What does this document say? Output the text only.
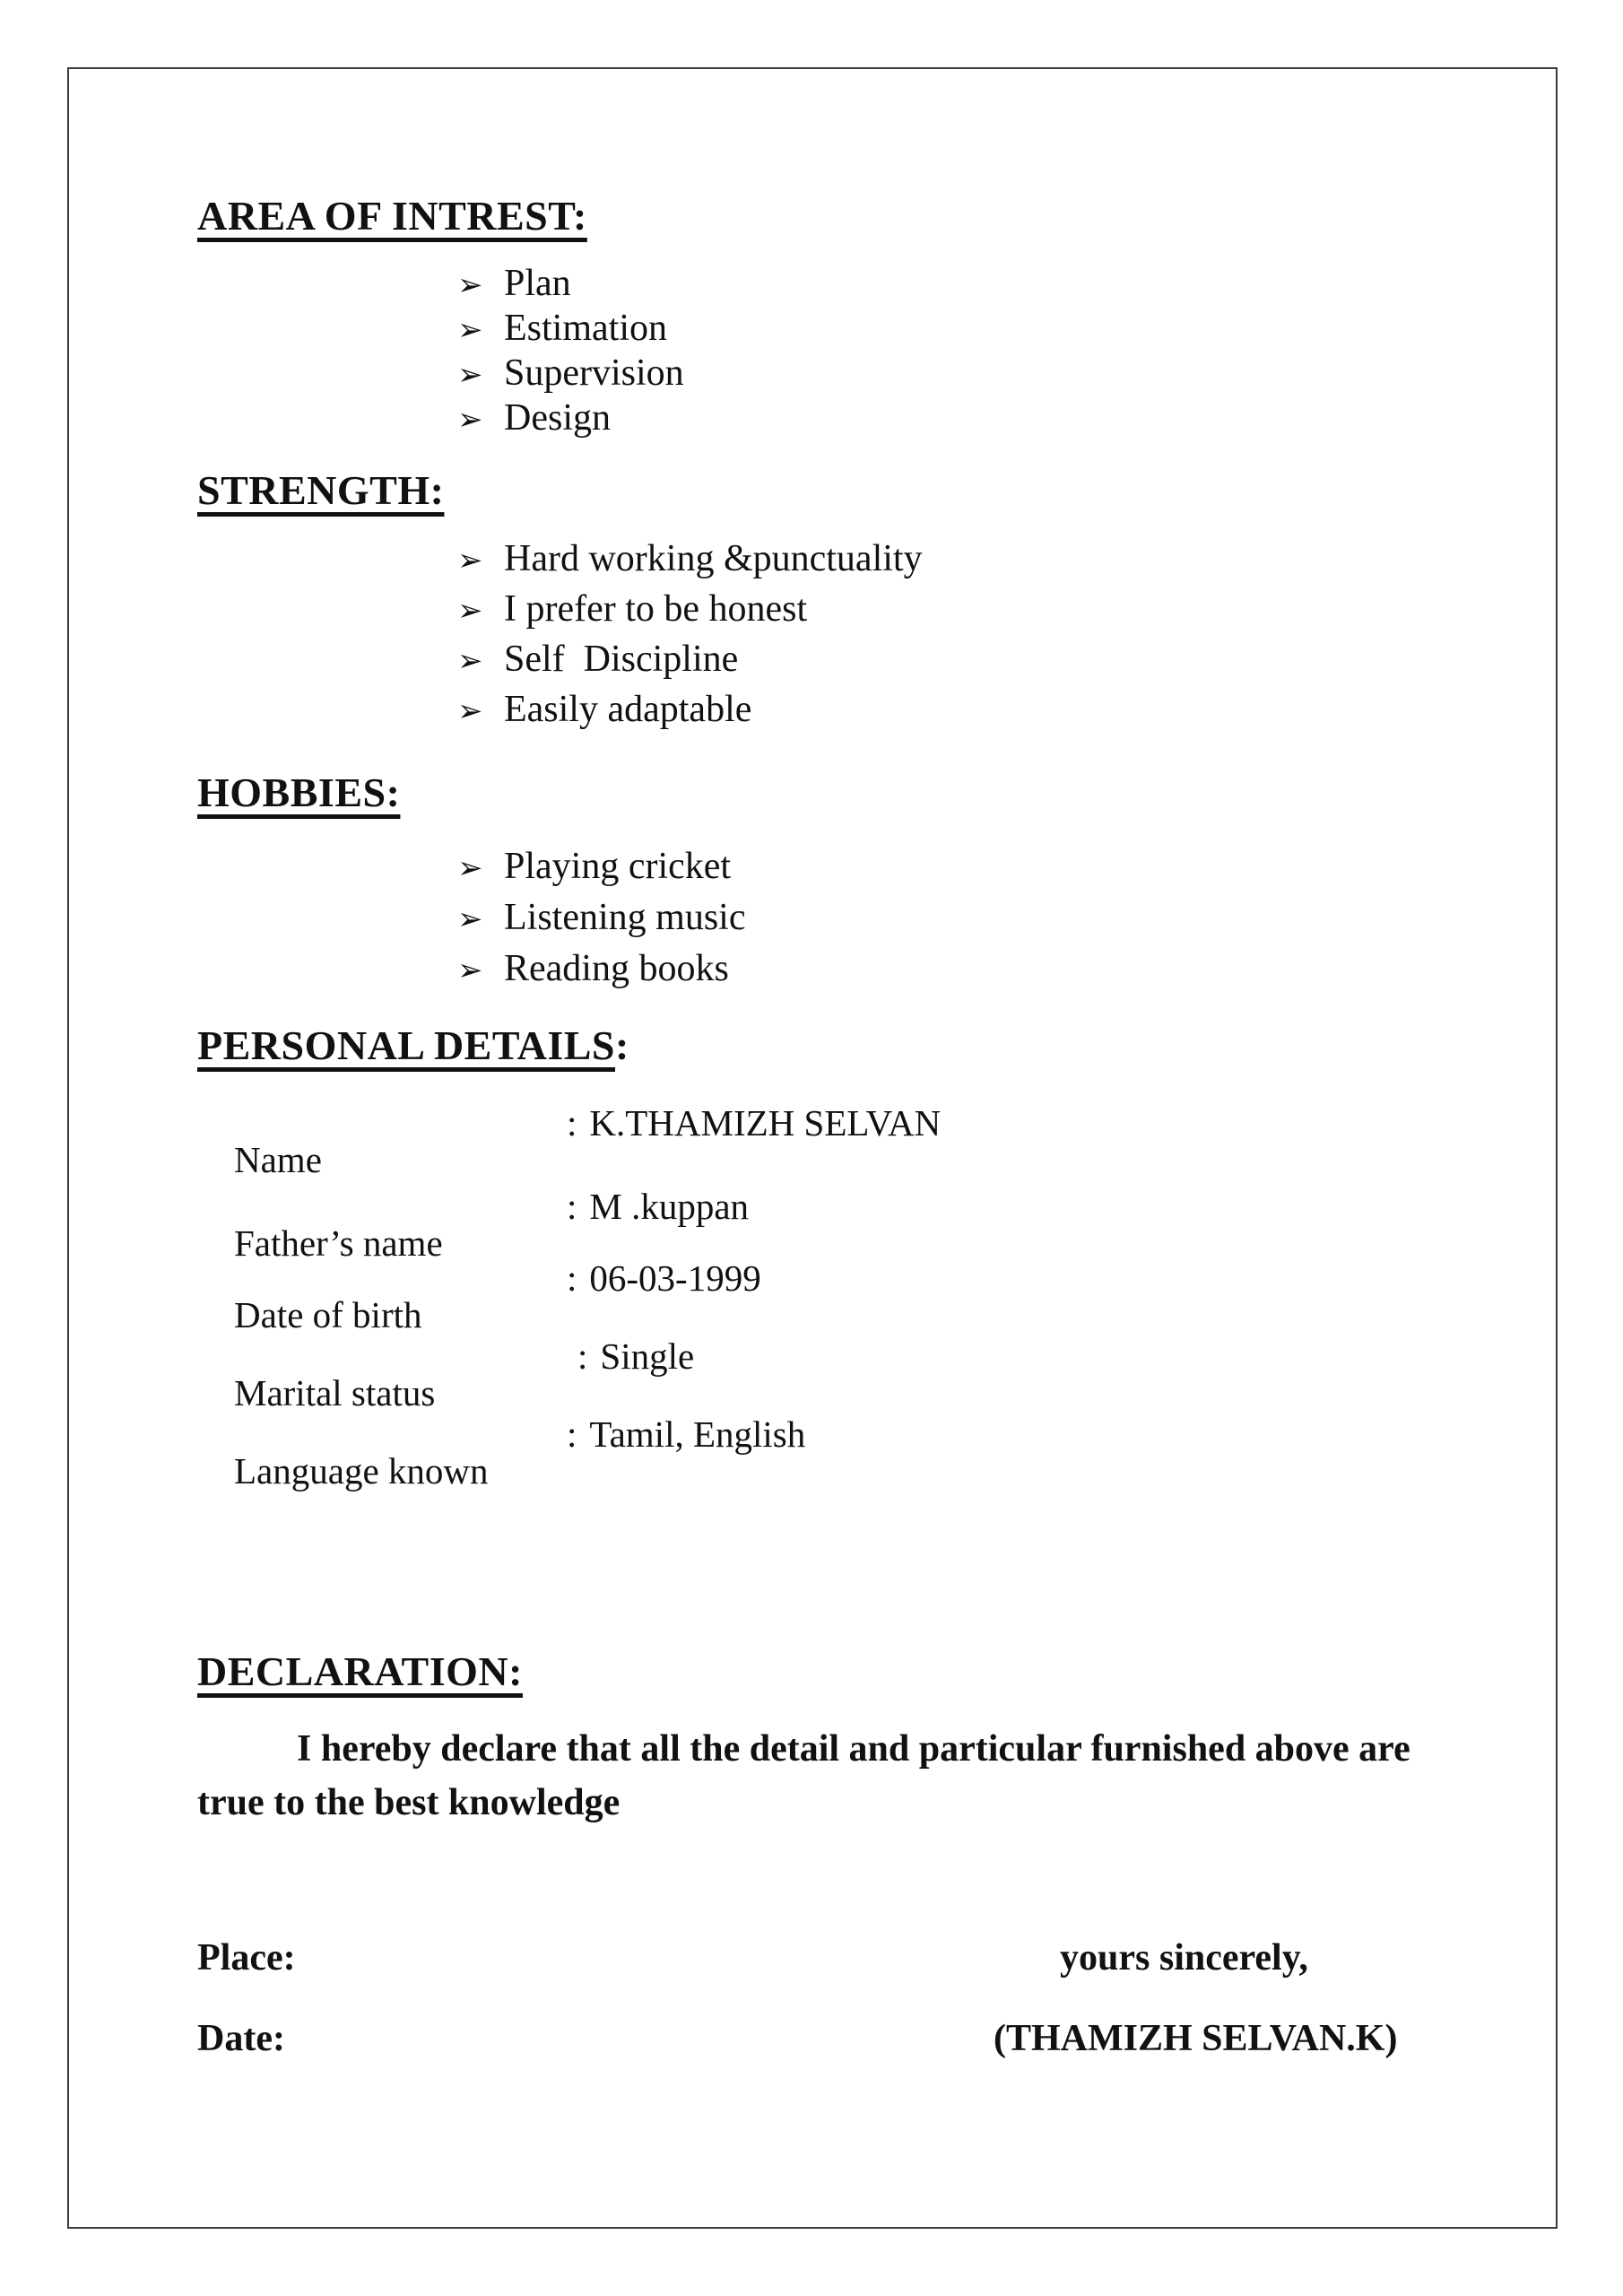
AREA OF INTREST:
➢ Plan
➢ Estimation
➢ Supervision
➢ Design
STRENGTH:
➢ Hard working &punctuality
➢ I prefer to be honest
➢ Self  Discipline
➢ Easily adaptable
HOBBIES:
➢ Playing cricket
➢ Listening music
➢ Reading books
PERSONAL DETAILS:

Name

: K.THAMIZH SELVAN

Father’s name

: M .kuppan

Date of birth

: 06-03-1999

Marital status

: Single

Language known

: Tamil, English

DECLARATION:
I hereby declare that all the detail and particular furnished above are true to the best knowledge
Place:	yours sincerely,
Date:	(THAMIZH SELVAN.K)
